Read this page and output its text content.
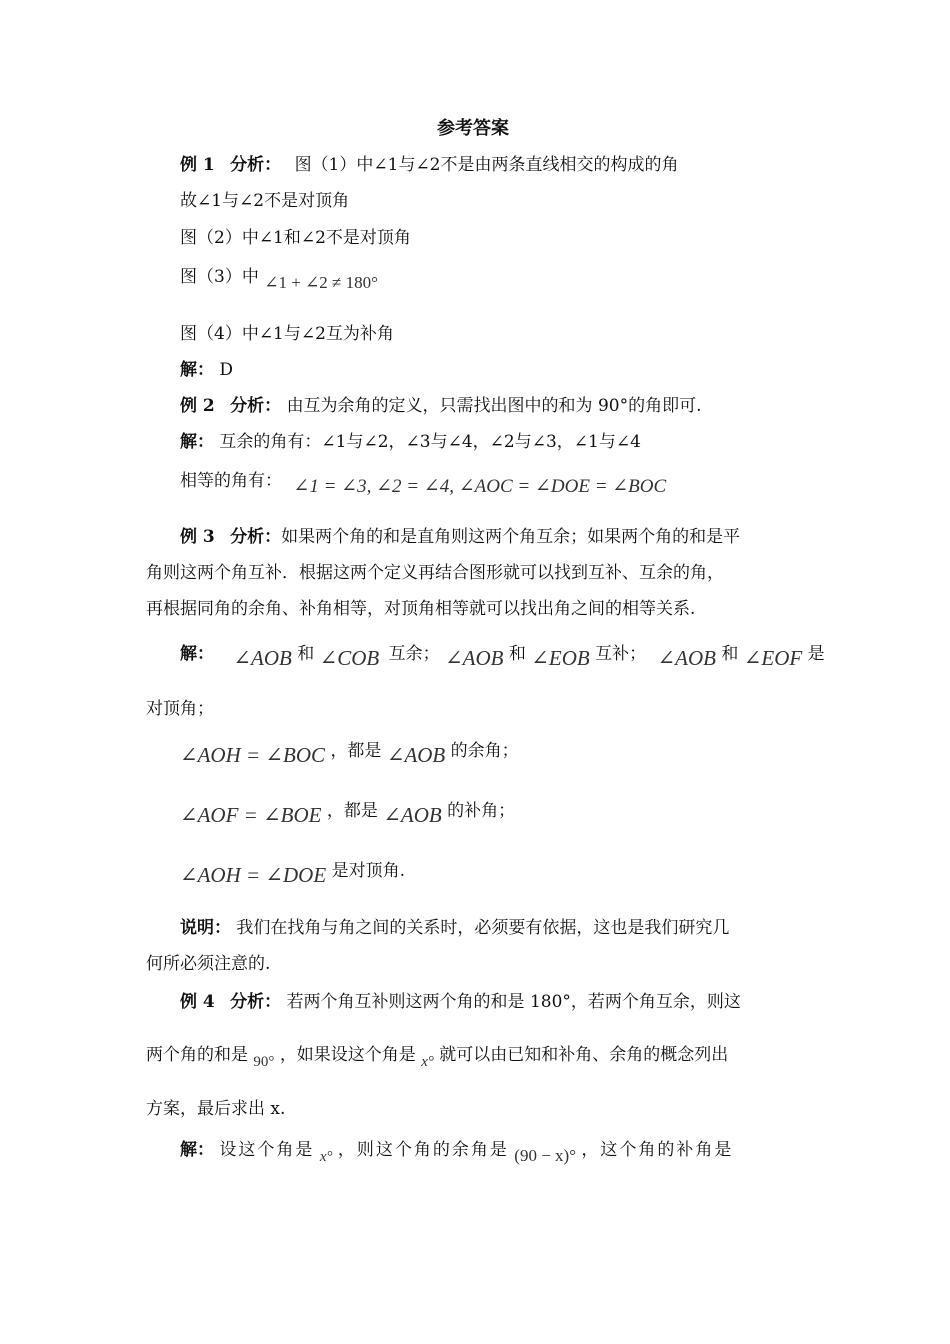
参考答案
例 1 分析： 图（1）中∠1与∠2不是由两条直线相交的构成的角
故∠1与∠2不是对顶角
图（2）中∠1和∠2不是对顶角
图（3）中 ∠1 + ∠2 ≠ 180°
图（4）中∠1与∠2互为补角
解： D
例 2 分析： 由互为余角的定义，只需找出图中的和为 90°的角即可.
解： 互余的角有：∠1与∠2，∠3与∠4，∠2与∠3，∠1与∠4
相等的角有： ∠1 = ∠3, ∠2 = ∠4, ∠AOC = ∠DOE = ∠BOC
例 3 分析：如果两个角的和是直角则这两个角互余；如果两个角的和是平
角则这两个角互补．根据这两个定义再结合图形就可以找到互补、互余的角，
再根据同角的余角、补角相等，对顶角相等就可以找出角之间的相等关系.
解： ∠AOB 和 ∠COB 互余； ∠AOB 和 ∠EOB 互补； ∠AOB 和 ∠EOF 是
对顶角；
∠AOH = ∠BOC ，都是 ∠AOB 的余角；
∠AOF = ∠BOE ，都是 ∠AOB 的补角；
∠AOH = ∠DOE 是对顶角.
说明： 我们在找角与角之间的关系时，必须要有依据，这也是我们研究几
何所必须注意的.
例 4 分析： 若两个角互补则这两个角的和是 180°，若两个角互余，则这
两个角的和是 90° ，如果设这个角是 x° 就可以由已知和补角、余角的概念列出
方案，最后求出 x.
解： 设这个角是 x° ，则这个角的余角是 (90 − x)° ，这个角的补角是
